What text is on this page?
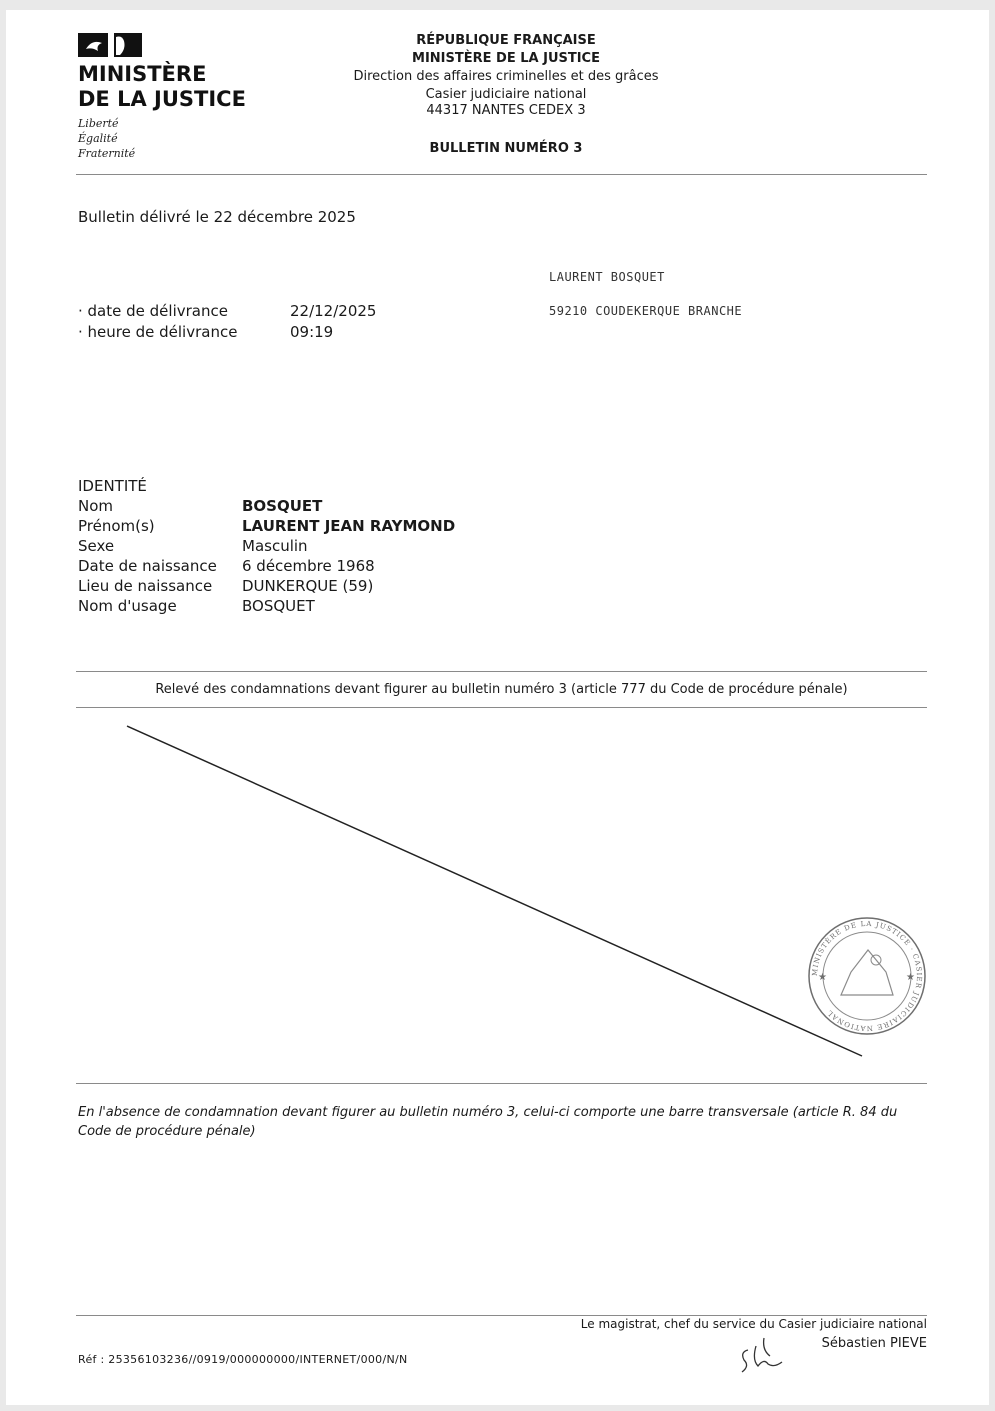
MINISTÈRE
DE LA JUSTICE
Liberté
Égalité
Fraternité
RÉPUBLIQUE FRANÇAISE
MINISTÈRE DE LA JUSTICE
Direction des affaires criminelles et des grâces
Casier judiciaire national
44317 NANTES CEDEX 3
BULLETIN NUMÉRO 3
Bulletin délivré le 22 décembre 2025
LAURENT BOSQUET
59210 COUDEKERQUE BRANCHE
· date de délivrance	22/12/2025
· heure de délivrance	09:19
IDENTITÉ
Nom	BOSQUET
Prénom(s)	LAURENT JEAN RAYMOND
Sexe	Masculin
Date de naissance 6 décembre 1968
Lieu de naissance DUNKERQUE (59)
Nom d'usage	BOSQUET
Relevé des condamnations devant figurer au bulletin numéro 3 (article 777 du Code de procédure pénale)
★	★
MINISTÈRE DE LA JUSTICE · CASIER JUDICIAIRE NATIONAL
En l'absence de condamnation devant figurer au bulletin numéro 3, celui-ci comporte une barre transversale (article R. 84 du Code de procédure pénale)
Le magistrat, chef du service du Casier judiciaire national
Sébastien PIEVE
Réf : 25356103236//0919/000000000/INTERNET/000/N/N
